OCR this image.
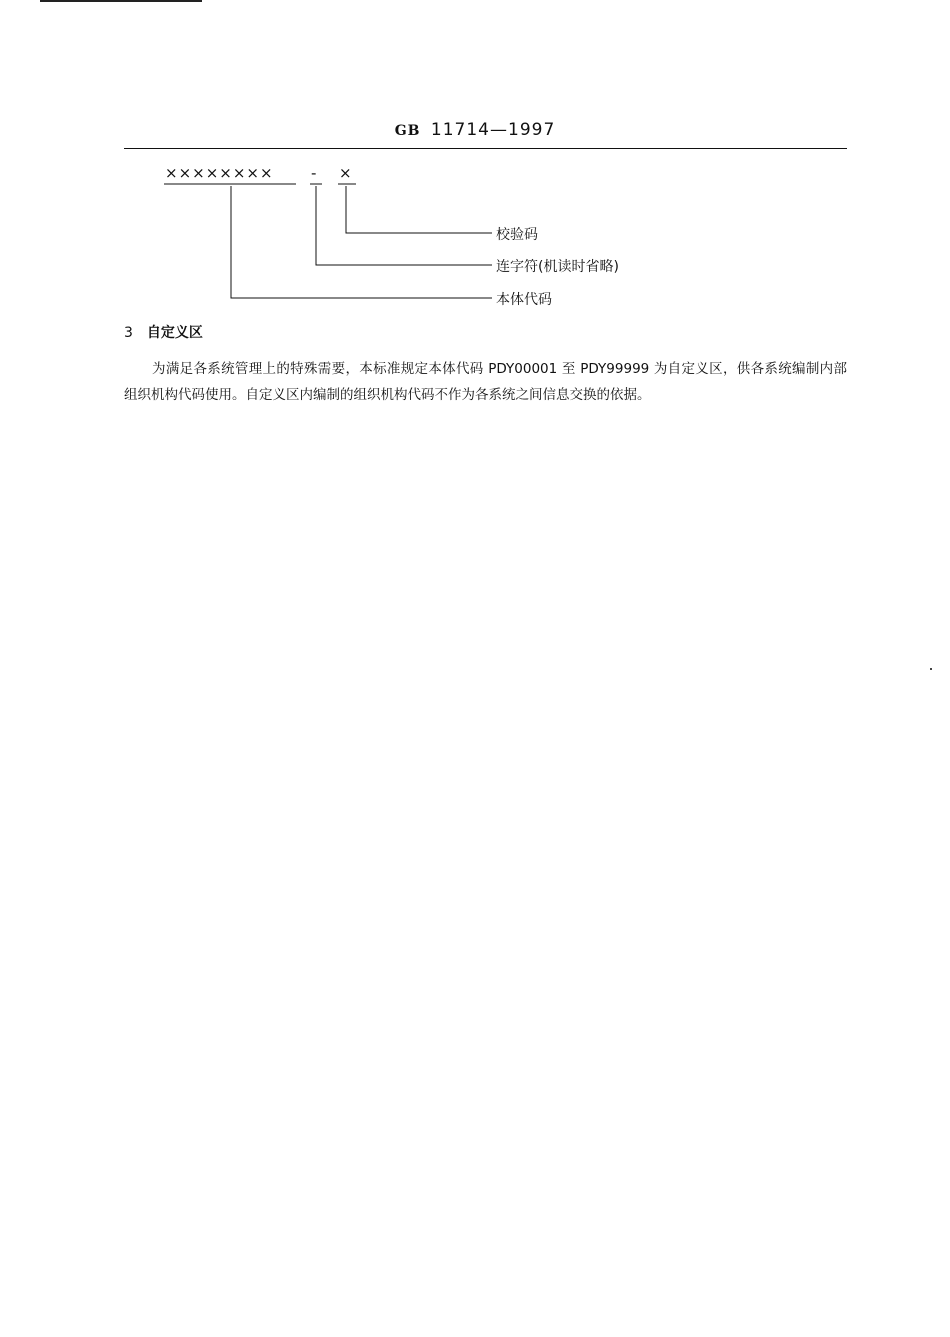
GB 11714—1997
×××××××× - ×
校验码
连字符(机读时省略)
本体代码
3 自定义区
为满足各系统管理上的特殊需要，本标准规定本体代码 PDY00001 至 PDY99999 为自定义区，供各系统编制内部组织机构代码使用。自定义区内编制的组织机构代码不作为各系统之间信息交换的依据。
